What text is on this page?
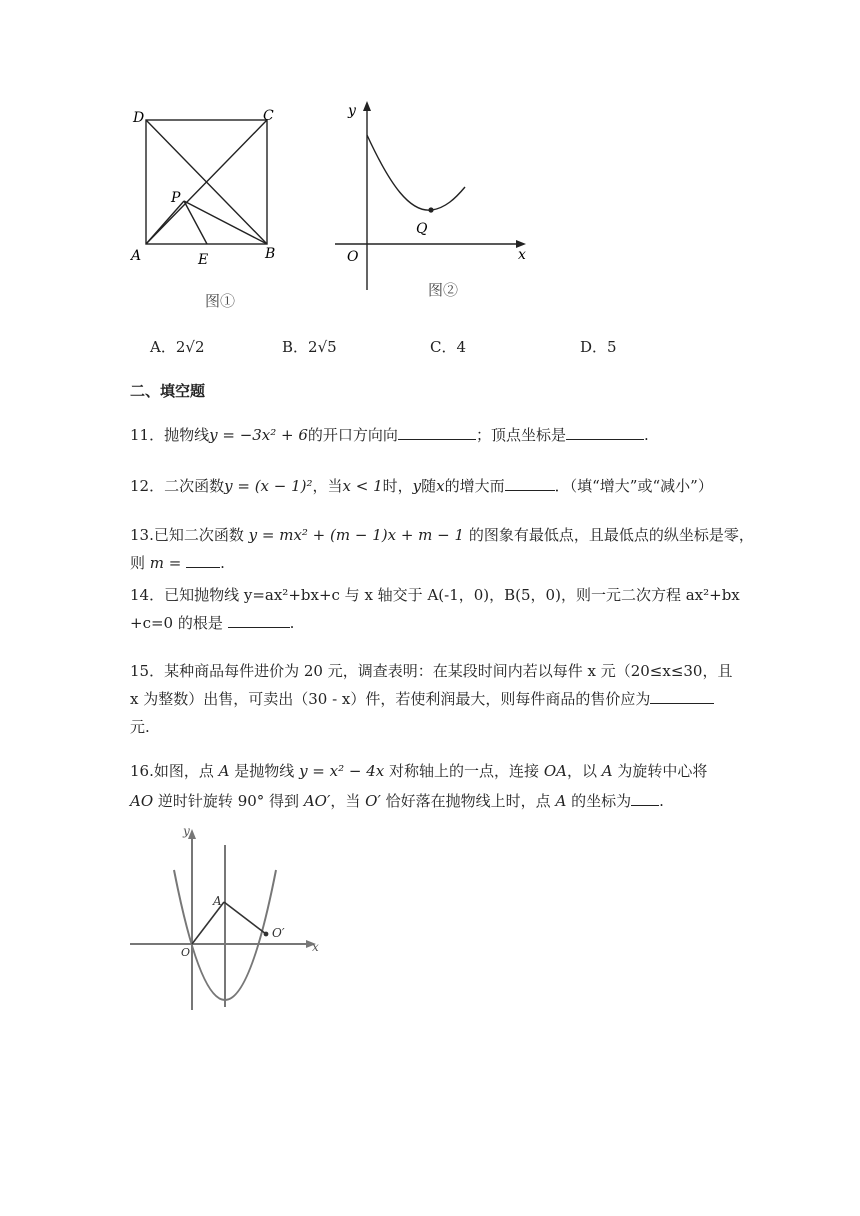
D	C
P
A	E	B
图①
y
x
O
Q
图②
A．2√2	B．2√5	C．4	D．5
二、填空题
11．抛物线y = −3x² + 6的开口方向向	；顶点坐标是	.
12．二次函数y = (x − 1)²，当x < 1时，y随x的增大而	．（填“增大”或“减小”）
13.已知二次函数 y = mx² + (m − 1)x + m − 1 的图象有最低点，且最低点的纵坐标是零，
则 m =	.
14．已知抛物线 y=ax²+bx+c 与 x 轴交于 A(-1，0)，B(5，0)，则一元二次方程 ax²+bx
+c=0 的根是	.
15．某种商品每件进价为 20 元，调查表明：在某段时间内若以每件 x 元（20≤x≤30，且
x 为整数）出售，可卖出（30 - x）件，若使利润最大，则每件商品的售价应为
元.
16.如图，点 A 是抛物线 y = x² − 4x 对称轴上的一点，连接 OA，以 A 为旋转中心将
AO 逆时针旋转 90° 得到 AO′，当 O′ 恰好落在抛物线上时，点 A 的坐标为 .
y
x
O
A
O′
